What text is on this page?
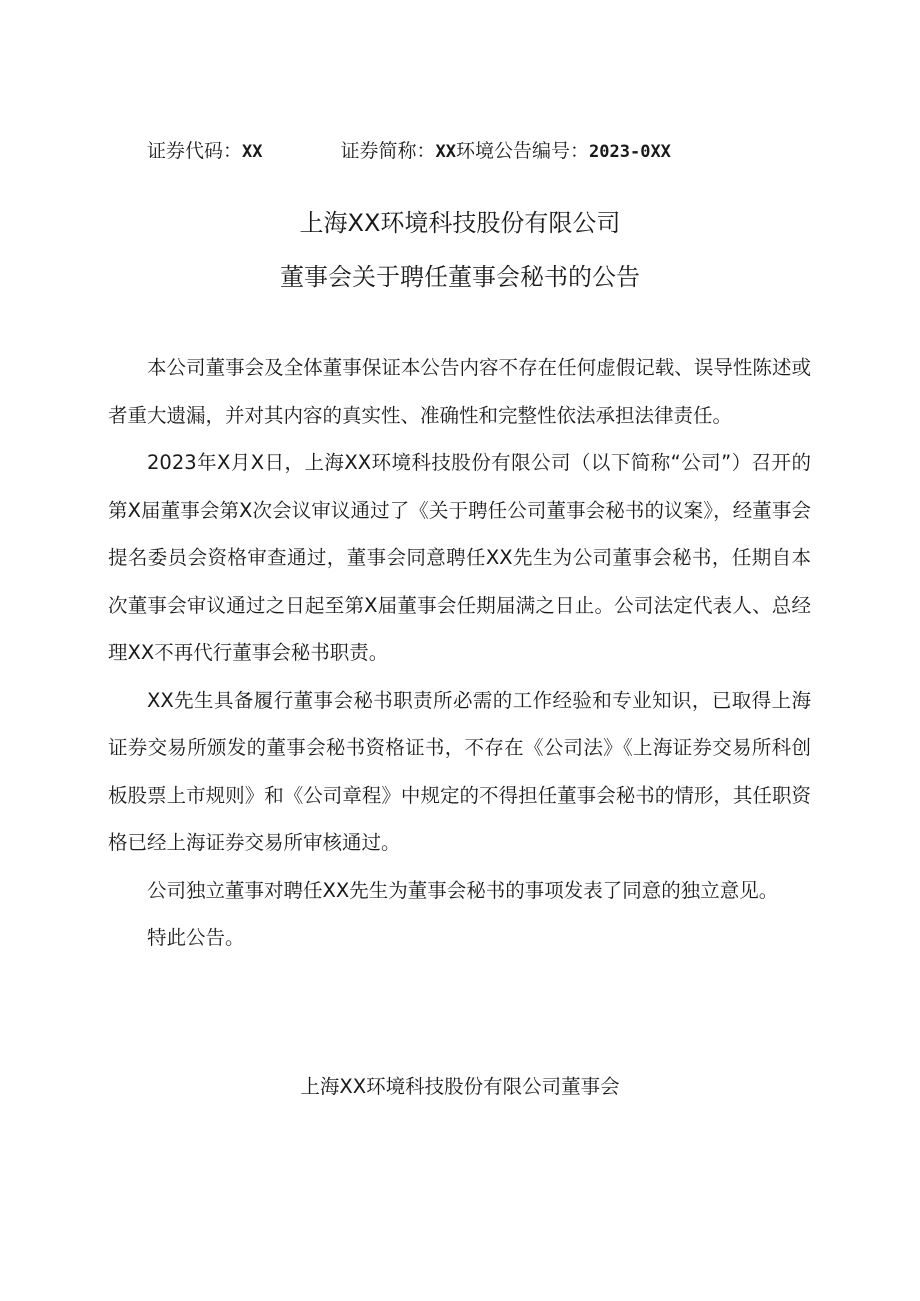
证券代码：XX	证券简称：XX环境公告编号：2023-0XX
上海XX环境科技股份有限公司
董事会关于聘任董事会秘书的公告

本公司董事会及全体董事保证本公告内容不存在任何虚假记载、误导性陈述或者重大遗漏，并对其内容的真实性、准确性和完整性依法承担法律责任。

2023年X月X日，上海XX环境科技股份有限公司（以下简称“公司”）召开的第X届董事会第X次会议审议通过了《关于聘任公司董事会秘书的议案》，经董事会提名委员会资格审查通过，董事会同意聘任XX先生为公司董事会秘书，任期自本次董事会审议通过之日起至第X届董事会任期届满之日止。公司法定代表人、总经理XX不再代行董事会秘书职责。

XX先生具备履行董事会秘书职责所必需的工作经验和专业知识，已取得上海证券交易所颁发的董事会秘书资格证书，不存在《公司法》《上海证券交易所科创板股票上市规则》和《公司章程》中规定的不得担任董事会秘书的情形，其任职资格已经上海证券交易所审核通过。

公司独立董事对聘任XX先生为董事会秘书的事项发表了同意的独立意见。

特此公告。

上海XX环境科技股份有限公司董事会
